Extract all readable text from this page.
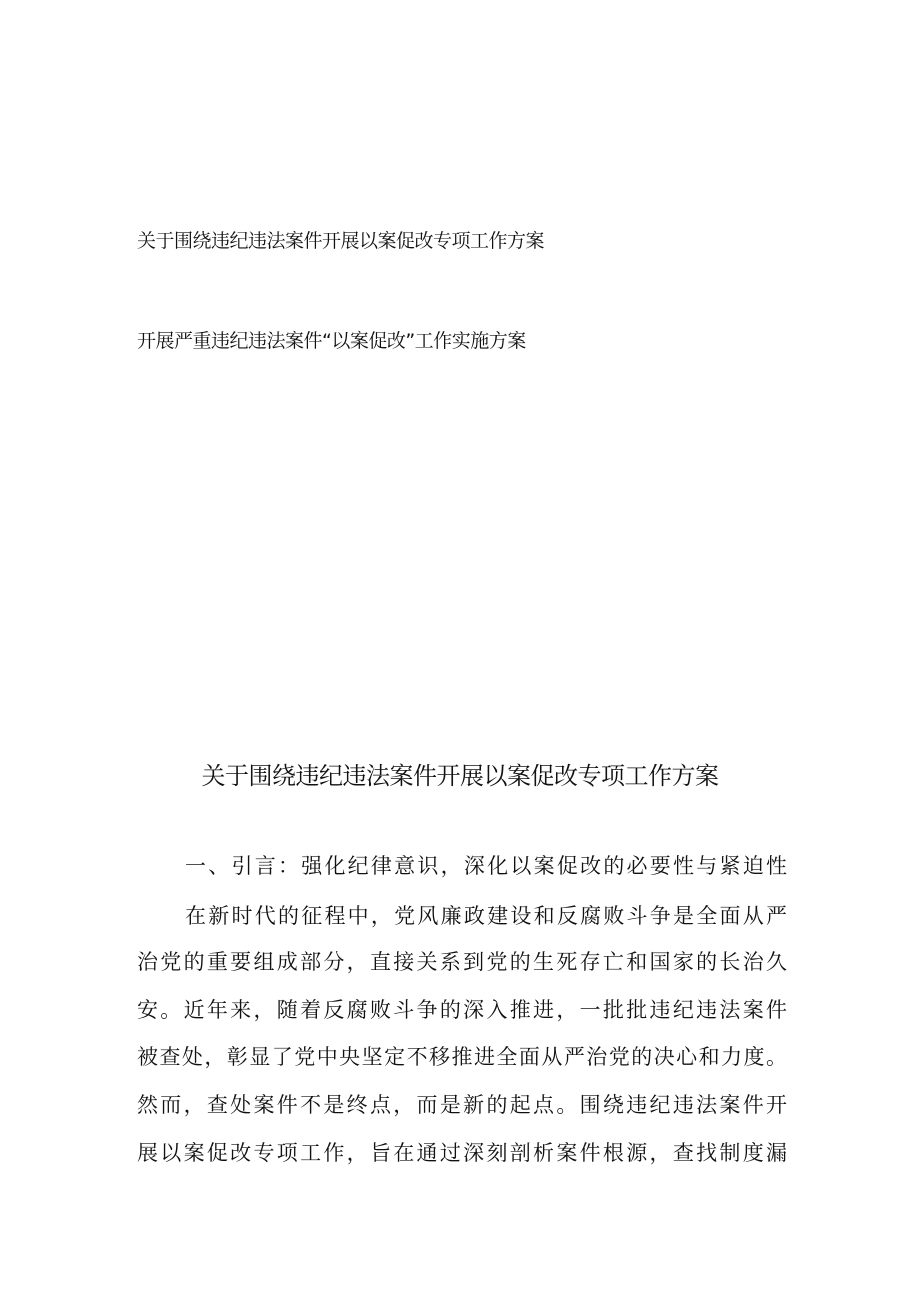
关于围绕违纪违法案件开展以案促改专项工作方案
开展严重违纪违法案件“以案促改”工作实施方案
关于围绕违纪违法案件开展以案促改专项工作方案
一、引言：强化纪律意识，深化以案促改的必要性与紧迫性
在新时代的征程中，党风廉政建设和反腐败斗争是全面从严
治党的重要组成部分，直接关系到党的生死存亡和国家的长治久
安。近年来，随着反腐败斗争的深入推进，一批批违纪违法案件
被查处，彰显了党中央坚定不移推进全面从严治党的决心和力度。
然而，查处案件不是终点，而是新的起点。围绕违纪违法案件开
展以案促改专项工作，旨在通过深刻剖析案件根源，查找制度漏
